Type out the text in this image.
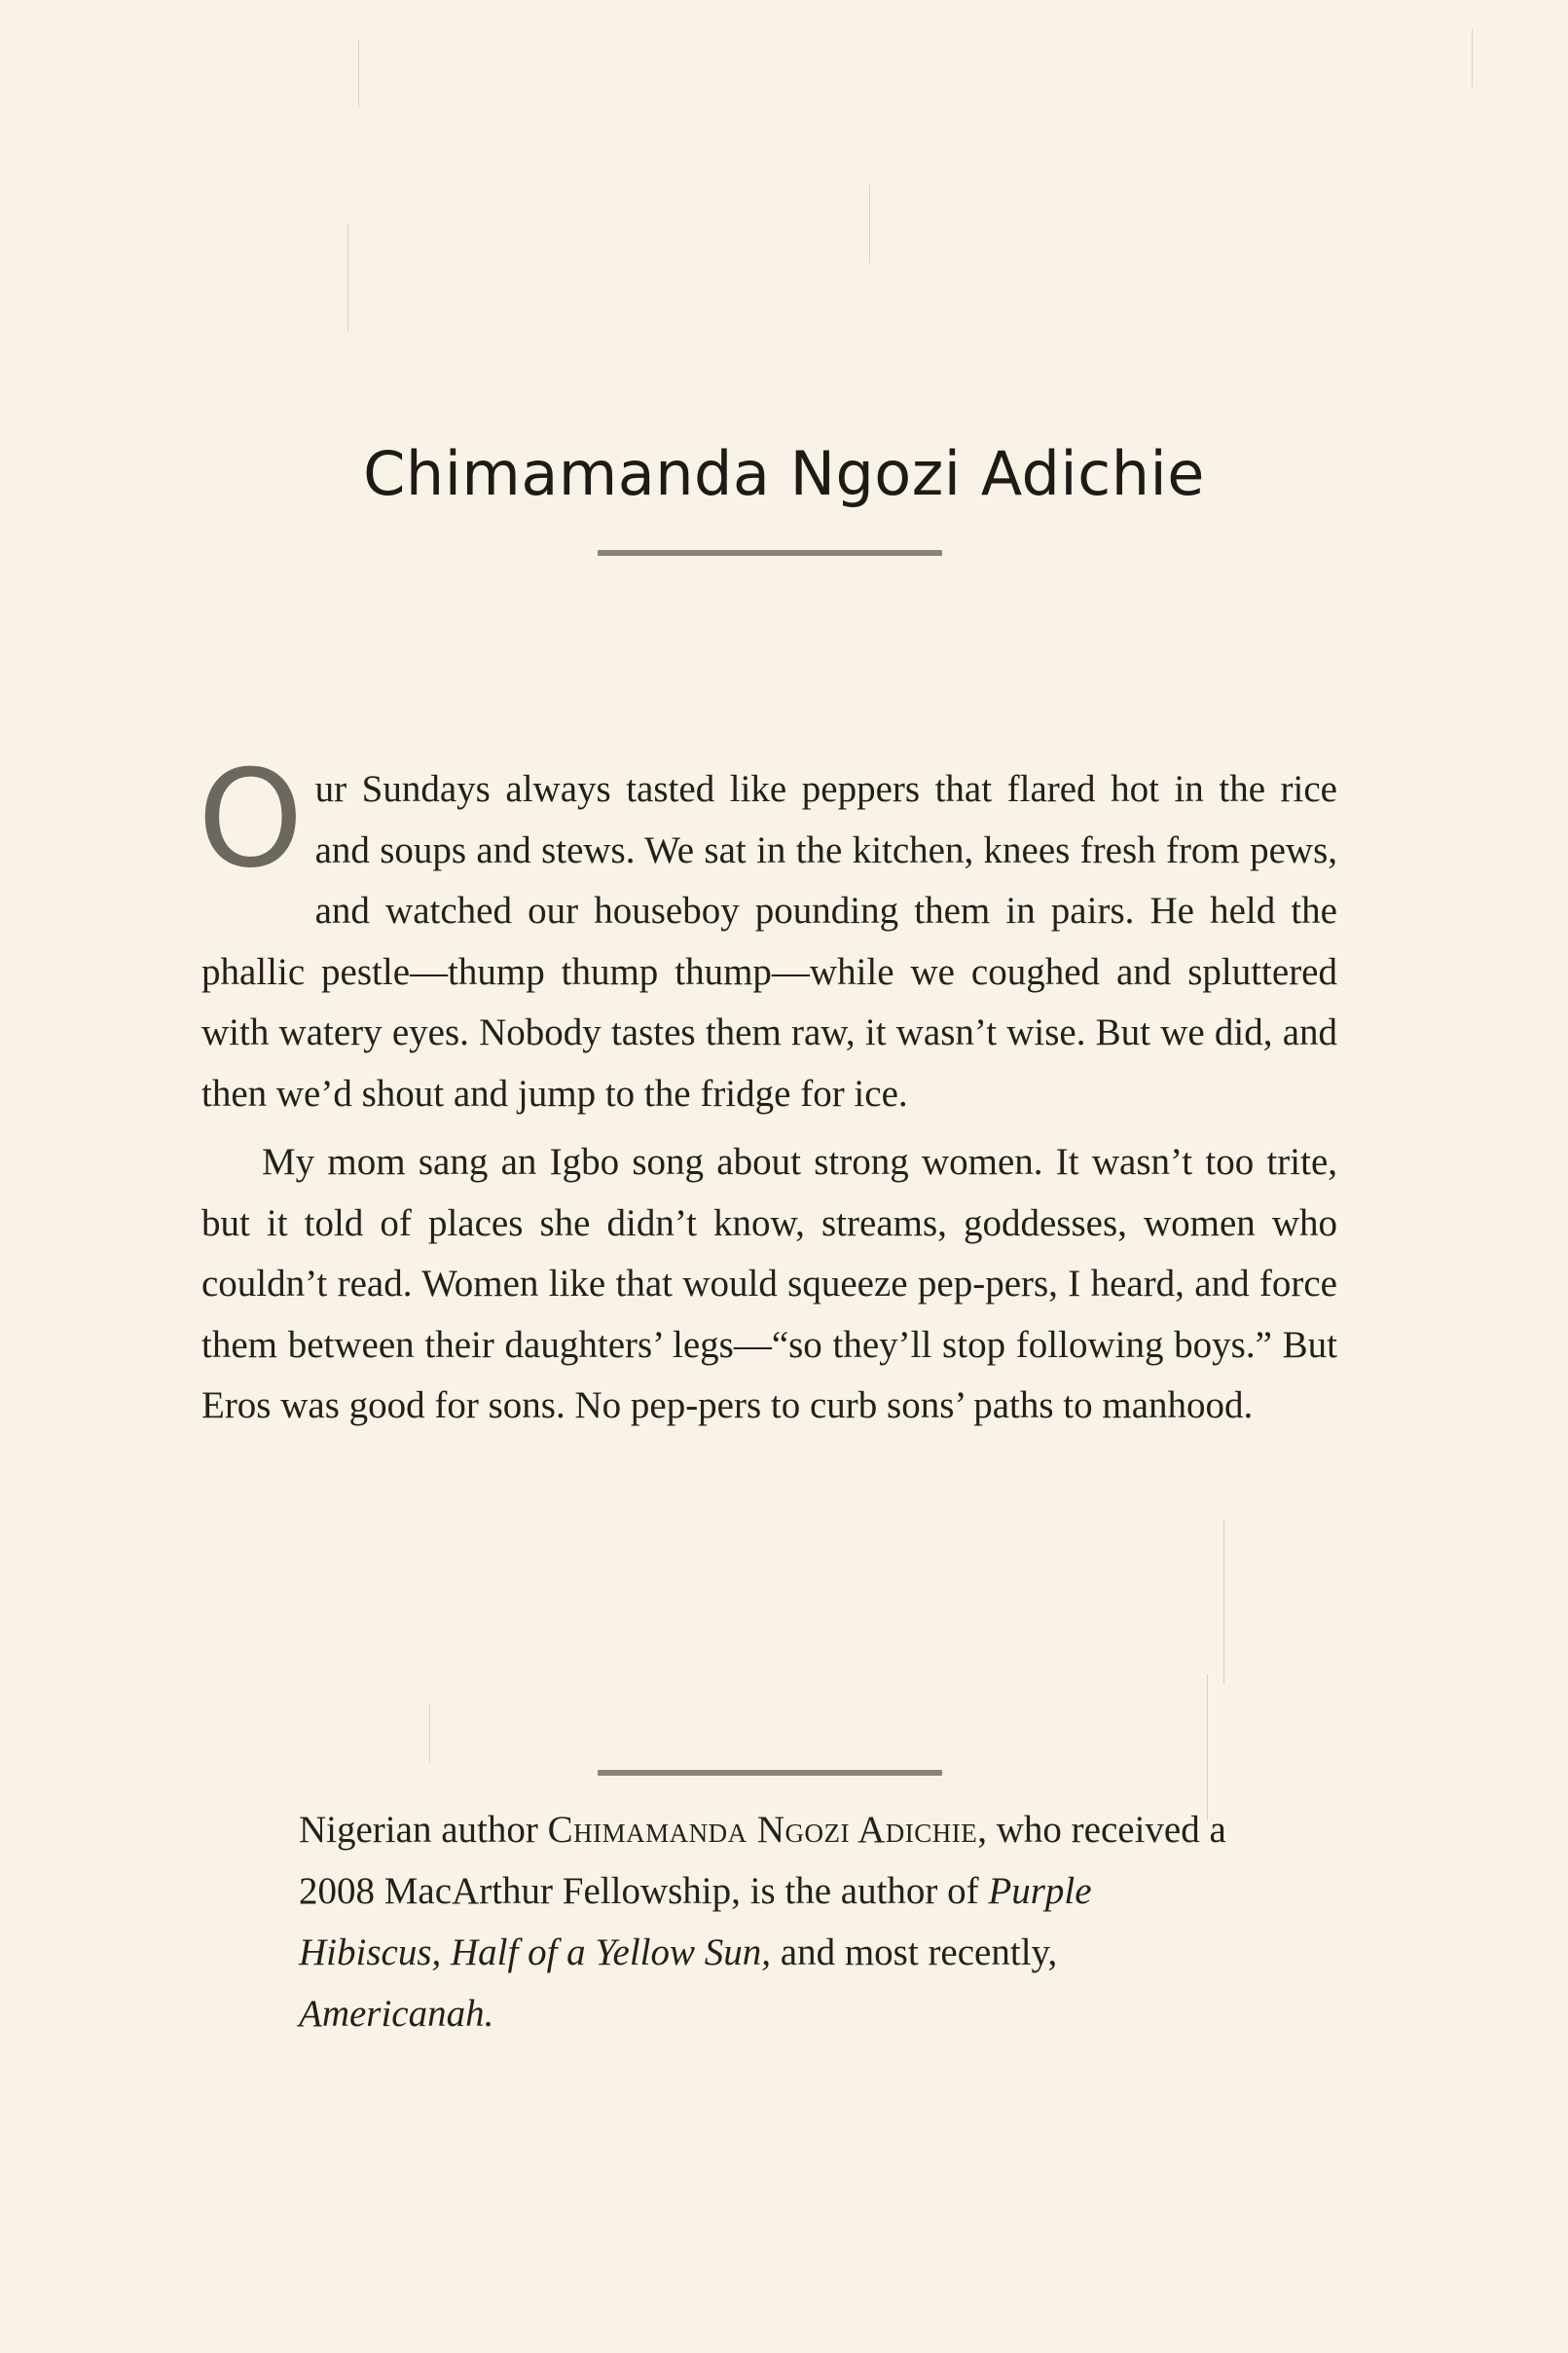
Chimamanda Ngozi Adichie

Our Sundays always tasted like peppers that flared hot in the rice and soups and stews. We sat in the kitchen, knees fresh from pews, and watched our houseboy pounding them in pairs. He held the phallic pestle—thump thump thump—while we coughed and spluttered with watery eyes. Nobody tastes them raw, it wasn’t wise. But we did, and then we’d shout and jump to the fridge for ice.

My mom sang an Igbo song about strong women. It wasn’t too trite, but it told of places she didn’t know, streams, goddesses, women who couldn’t read. Women like that would squeeze pep-pers, I heard, and force them between their daughters’ legs—“so they’ll stop following boys.” But Eros was good for sons. No pep-pers to curb sons’ paths to manhood.

Nigerian author Chimamanda Ngozi Adichie, who received a 2008 MacArthur Fellowship, is the author of Purple Hibiscus, Half of a Yellow Sun, and most recently, Americanah.
